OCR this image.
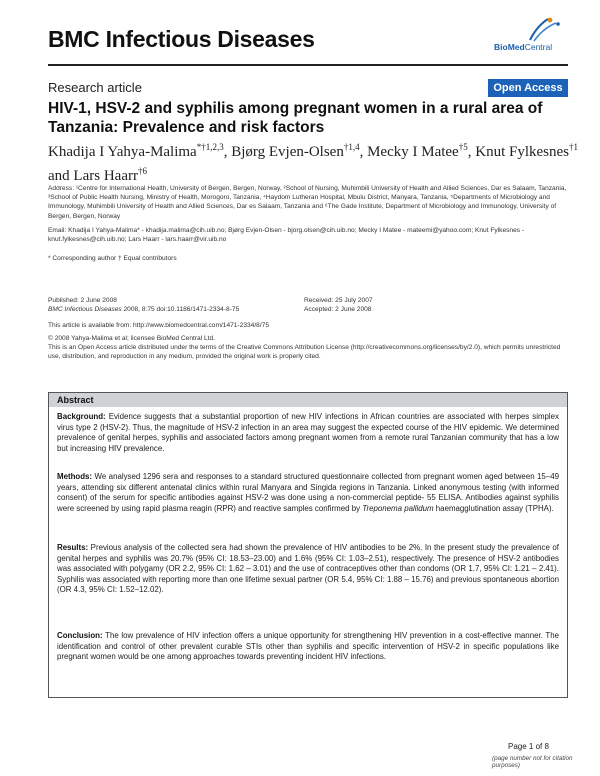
BMC Infectious Diseases	BioMedCentral
Research article	Open Access
HIV-1, HSV-2 and syphilis among pregnant women in a rural area of Tanzania: Prevalence and risk factors
Khadija I Yahya-Malima$^{*\dagger 1,2,3}$, Bjørg Evjen-Olsen$^{\dagger 1,4}$, Mecky I Matee$^{\dagger 5}$, Knut Fylkesnes$^{\dagger 1}$ and Lars Haarr$^{\dagger 6}$
Address: ¹Centre for International Health, University of Bergen, Bergen, Norway, ²School of Nursing, Muhimbili University of Health and Allied Sciences, Dar es Salaam, Tanzania, ³School of Public Health Nursing, Ministry of Health, Morogoro, Tanzania, ⁴Haydom Lutheran Hospital, Mbulu District, Manyara, Tanzania, ⁵Departments of Microbiology and Immunology, Muhimbili University of Health and Allied Sciences, Dar es Salaam, Tanzania and ⁶The Gade Institute, Department of Microbiology and Immunology, University of Bergen, Bergen, Norway
Email: Khadija I Yahya-Malima* - khadija.malima@cih.uib.no; Bjørg Evjen-Olsen - bjorg.olsen@cih.uib.no; Mecky I Matee - mateemi@yahoo.com; Knut Fylkesnes - knut.fylkesnes@cih.uib.no; Lars Haarr - lars.haarr@vir.uib.no
* Corresponding author † Equal contributors
Published: 2 June 2008
BMC Infectious Diseases 2008, 8:75 doi:10.1186/1471-2334-8-75
Received: 25 July 2007
Accepted: 2 June 2008
This article is available from: http://www.biomedcentral.com/1471-2334/8/75
© 2008 Yahya-Malima et al; licensee BioMed Central Ltd.
This is an Open Access article distributed under the terms of the Creative Commons Attribution License (http://creativecommons.org/licenses/by/2.0), which permits unrestricted use, distribution, and reproduction in any medium, provided the original work is properly cited.
Abstract
Background: Evidence suggests that a substantial proportion of new HIV infections in African countries are associated with herpes simplex virus type 2 (HSV-2). Thus, the magnitude of HSV-2 infection in an area may suggest the expected course of the HIV epidemic. We determined prevalence of genital herpes, syphilis and associated factors among pregnant women from a remote rural Tanzanian community that has a low but increasing HIV prevalence.
Methods: We analysed 1296 sera and responses to a standard structured questionnaire collected from pregnant women aged between 15–49 years, attending six different antenatal clinics within rural Manyara and Singida regions in Tanzania. Linked anonymous testing (with informed consent) of the serum for specific antibodies against HSV-2 was done using a non-commercial peptide- 55 ELISA. Antibodies against syphilis were screened by using rapid plasma reagin (RPR) and reactive samples confirmed by Treponema pallidum haemagglutination assay (TPHA).
Results: Previous analysis of the collected sera had shown the prevalence of HIV antibodies to be 2%. In the present study the prevalence of genital herpes and syphilis was 20.7% (95% CI: 18.53–23.00) and 1.6% (95% CI: 1.03–2.51), respectively. The presence of HSV-2 antibodies was associated with polygamy (OR 2.2, 95% CI: 1.62 – 3.01) and the use of contraceptives other than condoms (OR 1.7, 95% CI: 1.21 – 2.41). Syphilis was associated with reporting more than one lifetime sexual partner (OR 5.4, 95% CI: 1.88 – 15.76) and previous spontaneous abortion (OR 4.3, 95% CI: 1.52–12.02).
Conclusion: The low prevalence of HIV infection offers a unique opportunity for strengthening HIV prevention in a cost-effective manner. The identification and control of other prevalent curable STIs other than syphilis and specific intervention of HSV-2 in specific populations like pregnant women would be one among approaches towards preventing incident HIV infections.
Page 1 of 8
(page number not for citation purposes)
